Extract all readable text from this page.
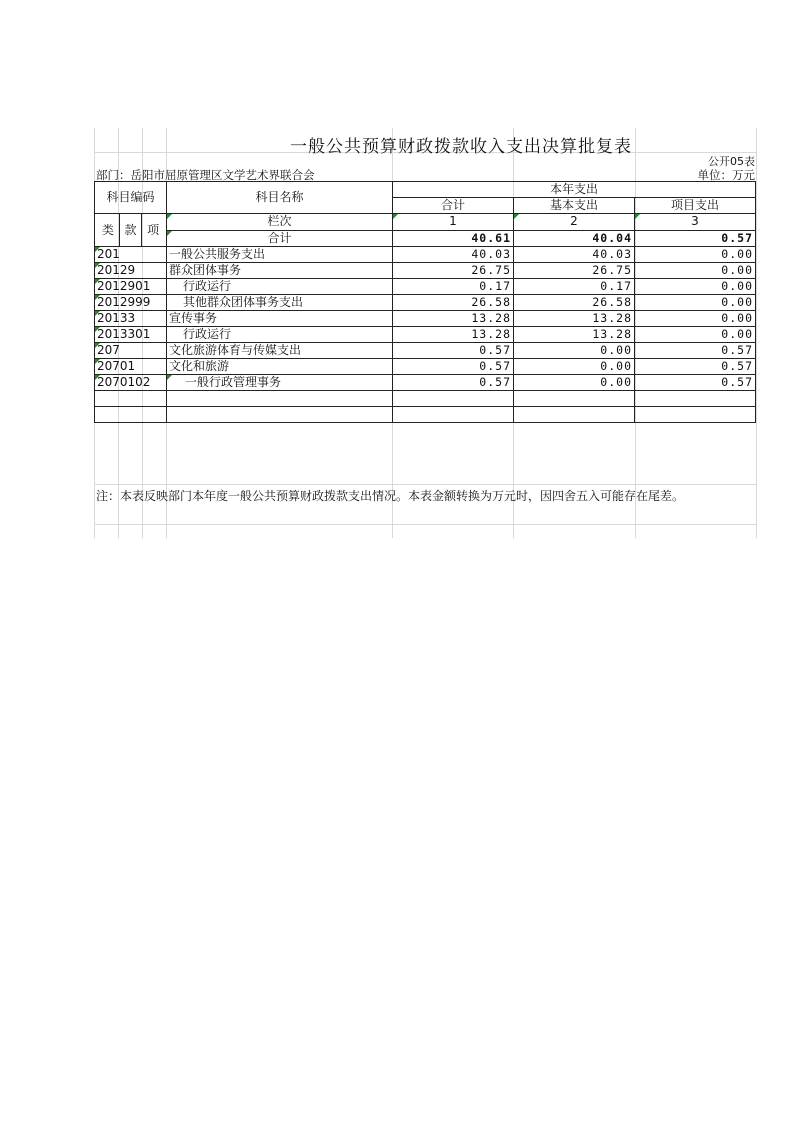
一般公共预算财政拨款收入支出决算批复表
公开05表
部门：岳阳市屈原管理区文学艺术界联合会	单位：万元
科目编码	科目名称	本年支出		
		合计	基本支出	项目支出

类 款 项	栏次	1	2	3
	合计	40.61	40.04	0.57
201	一般公共服务支出	40.03	40.03	0.00
20129	群众团体事务	26.75	26.75	0.00
2012901	行政运行	0.17	0.17	0.00
2012999	其他群众团体事务支出	26.58	26.58	0.00
20133	宣传事务	13.28	13.28	0.00
2013301	行政运行	13.28	13.28	0.00
207	文化旅游体育与传媒支出	0.57	0.00	0.57
20701	文化和旅游	0.57	0.00	0.57
2070102	一般行政管理事务	0.57	0.00	0.57

注：本表反映部门本年度一般公共预算财政拨款支出情况。本表金额转换为万元时，因四舍五入可能存在尾差。
